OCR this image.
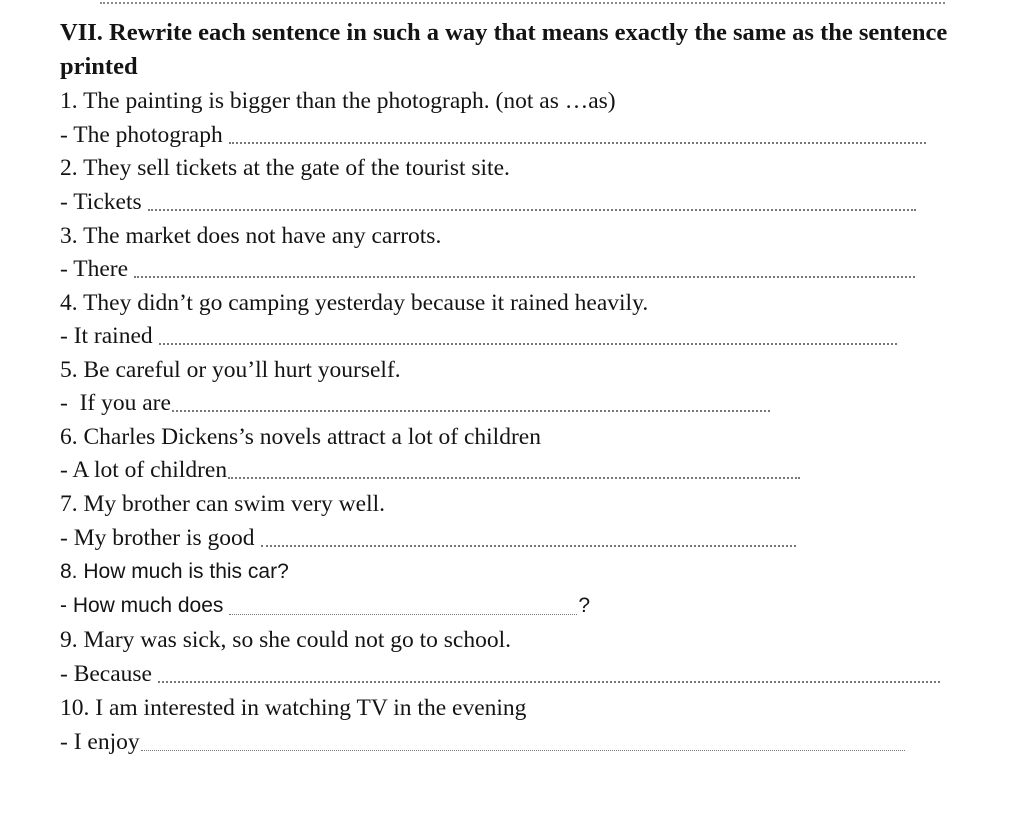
VII. Rewrite each sentence in such a way that means exactly the same as the sentence
printed
1. The painting is bigger than the photograph. (not as …as)
- The photograph
2. They sell tickets at the gate of the tourist site.
- Tickets
3. The market does not have any carrots.
- There
4. They didn’t go camping yesterday because it rained heavily.
- It rained
5. Be careful or you’ll hurt yourself.
-  If you are
6. Charles Dickens’s novels attract a lot of children
- A lot of children
7. My brother can swim very well.
- My brother is good
8. How much is this car?
- How much does	?
9. Mary was sick, so she could not go to school.
- Because
10. I am interested in watching TV in the evening
- I enjoy
